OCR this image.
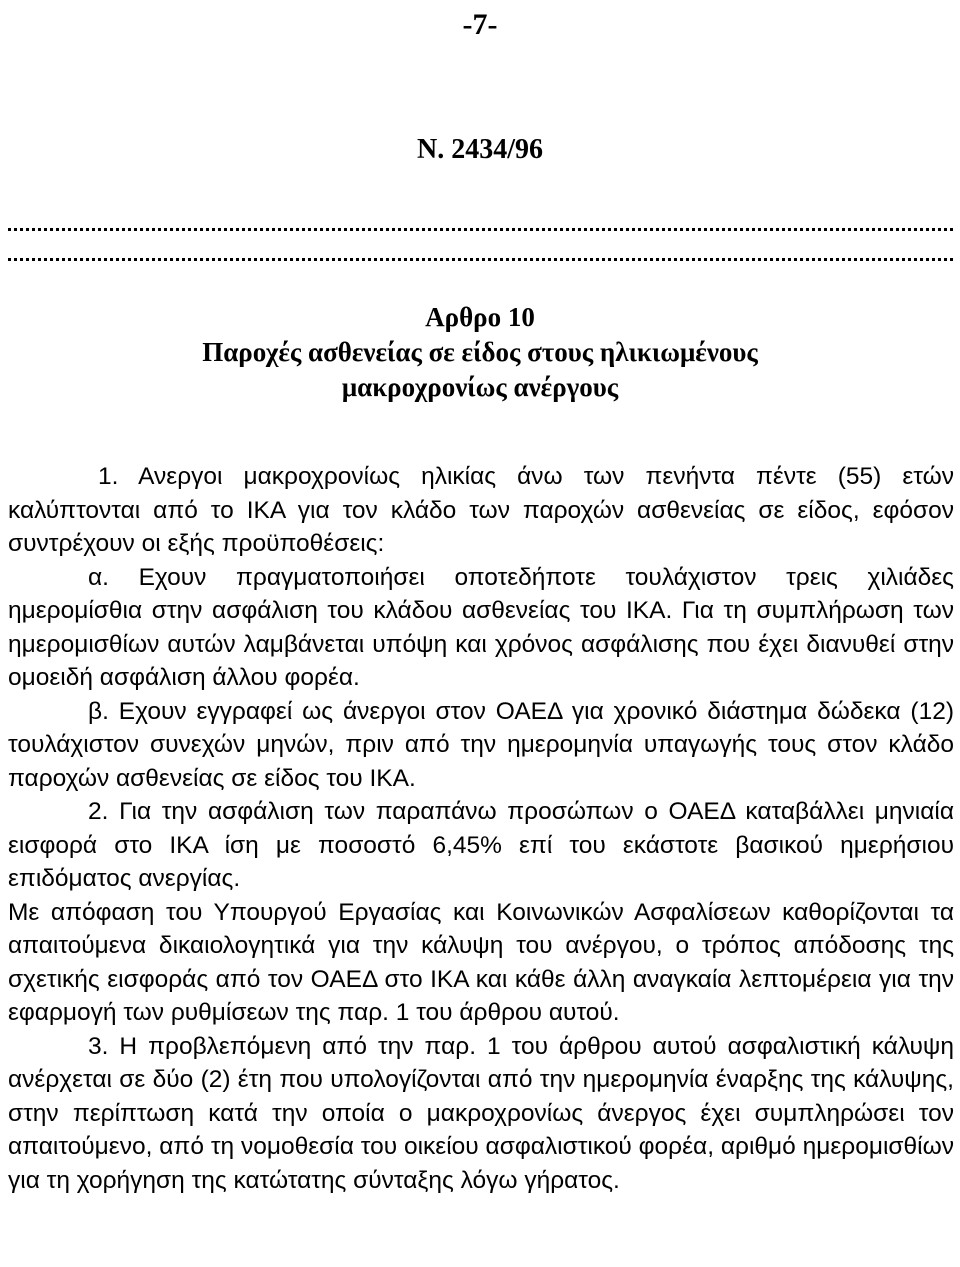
-7-
Ν. 2434/96
Αρθρο 10
Παροχές ασθενείας σε είδος στους ηλικιωμένους
μακροχρονίως ανέργους

1. Ανεργοι μακροχρονίως ηλικίας άνω των πενήντα πέντε (55) ετών καλύπτονται από το ΙΚΑ για τον κλάδο των παροχών ασθενείας σε είδος, εφόσον συντρέχουν οι εξής προϋποθέσεις:

α. Εχουν πραγματοποιήσει οποτεδήποτε τουλάχιστον τρεις χιλιάδες ημερομίσθια στην ασφάλιση του κλάδου ασθενείας του ΙΚΑ. Για τη συμπλήρωση των ημερομισθίων αυτών λαμβάνεται υπόψη και χρόνος ασφάλισης που έχει διανυθεί στην ομοειδή ασφάλιση άλλου φορέα.

β. Εχουν εγγραφεί ως άνεργοι στον ΟΑΕΔ για χρονικό διάστημα δώδεκα (12) τουλάχιστον συνεχών μηνών, πριν από την ημερομηνία υπαγωγής τους στον κλάδο παροχών ασθενείας σε είδος του ΙΚΑ.

2. Για την ασφάλιση των παραπάνω προσώπων ο ΟΑΕΔ καταβάλλει μηνιαία εισφορά στο ΙΚΑ ίση με ποσοστό 6,45% επί του εκάστοτε βασικού ημερήσιου επιδόματος ανεργίας.

Με απόφαση του Υπουργού Εργασίας και Κοινωνικών Ασφαλίσεων καθορίζονται τα απαιτούμενα δικαιολογητικά για την κάλυψη του ανέργου, ο τρόπος απόδοσης της σχετικής εισφοράς από τον ΟΑΕΔ στο ΙΚΑ και κάθε άλλη αναγκαία λεπτομέρεια για την εφαρμογή των ρυθμίσεων της παρ. 1 του άρθρου αυτού.

3. Η προβλεπόμενη από την παρ. 1 του άρθρου αυτού ασφαλιστική κάλυψη ανέρχεται σε δύο (2) έτη που υπολογίζονται από την ημερομηνία έναρξης της κάλυψης, στην περίπτωση κατά την οποία ο μακροχρονίως άνεργος έχει συμπληρώσει τον απαιτούμενο, από τη νομοθεσία του οικείου ασφαλιστικού φορέα, αριθμό ημερομισθίων για τη χορήγηση της κατώτατης σύνταξης λόγω γήρατος.
